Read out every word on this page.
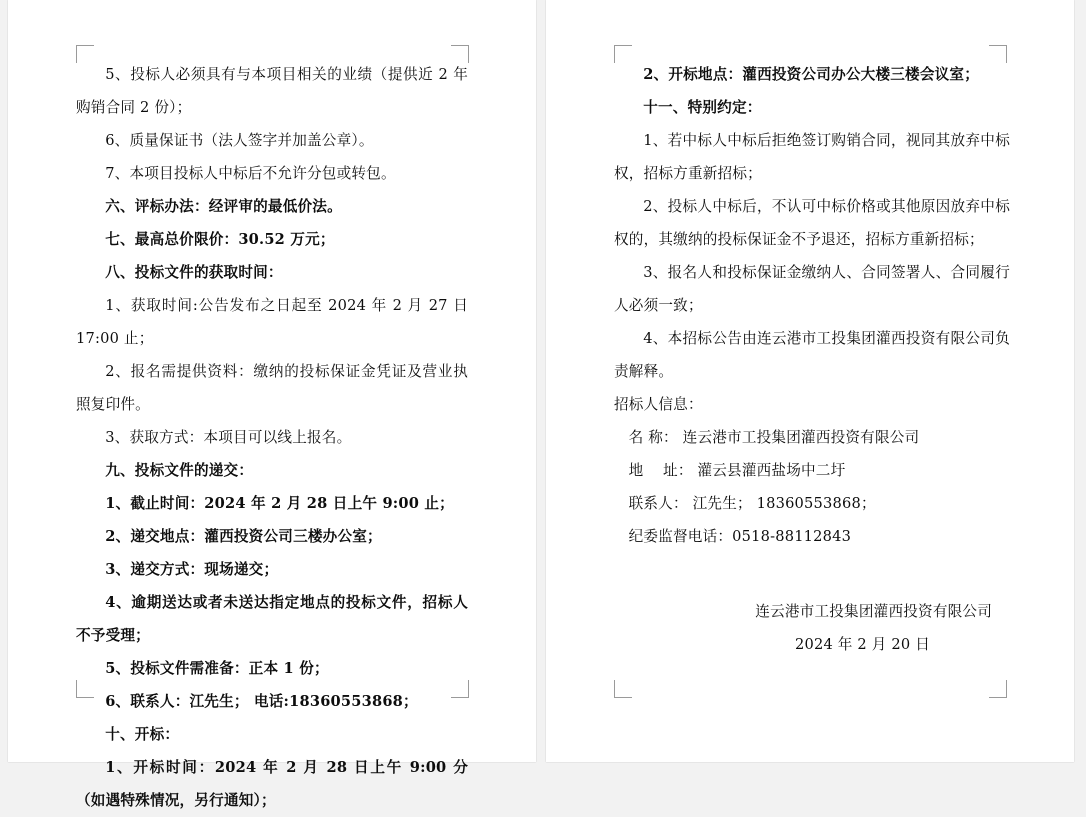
5、投标人必须具有与本项目相关的业绩（提供近 2 年购销合同 2 份）；

6、质量保证书（法人签字并加盖公章）。

7、本项目投标人中标后不允许分包或转包。

六、评标办法：经评审的最低价法。

七、最高总价限价：30.52 万元；

八、投标文件的获取时间：

1、获取时间:公告发布之日起至 2024 年 2 月 27 日 17:00 止；

2、报名需提供资料：缴纳的投标保证金凭证及营业执照复印件。

3、获取方式：本项目可以线上报名。

九、投标文件的递交：

1、截止时间：2024 年 2 月 28 日上午 9:00 止；

2、递交地点：灌西投资公司三楼办公室；

3、递交方式：现场递交；

4、逾期送达或者未送达指定地点的投标文件，招标人不予受理；

5、投标文件需准备：正本 1 份；

6、联系人：江先生； 电话:18360553868；

十、开标：

1、开标时间：2024 年 2 月 28 日上午 9:00 分（如遇特殊情况，另行通知）；

2、开标地点：灌西投资公司办公大楼三楼会议室；

十一、特别约定：

1、若中标人中标后拒绝签订购销合同，视同其放弃中标权，招标方重新招标；

2、投标人中标后，不认可中标价格或其他原因放弃中标权的，其缴纳的投标保证金不予退还，招标方重新招标；

3、报名人和投标保证金缴纳人、合同签署人、合同履行人必须一致；

4、本招标公告由连云港市工投集团灌西投资有限公司负责解释。

招标人信息：

名 称： 连云港市工投集团灌西投资有限公司

地 　址： 灌云县灌西盐场中二圩

联系人： 江先生； 18360553868；

纪委监督电话：0518-88112843

连云港市工投集团灌西投资有限公司

2024 年 2 月 20 日
